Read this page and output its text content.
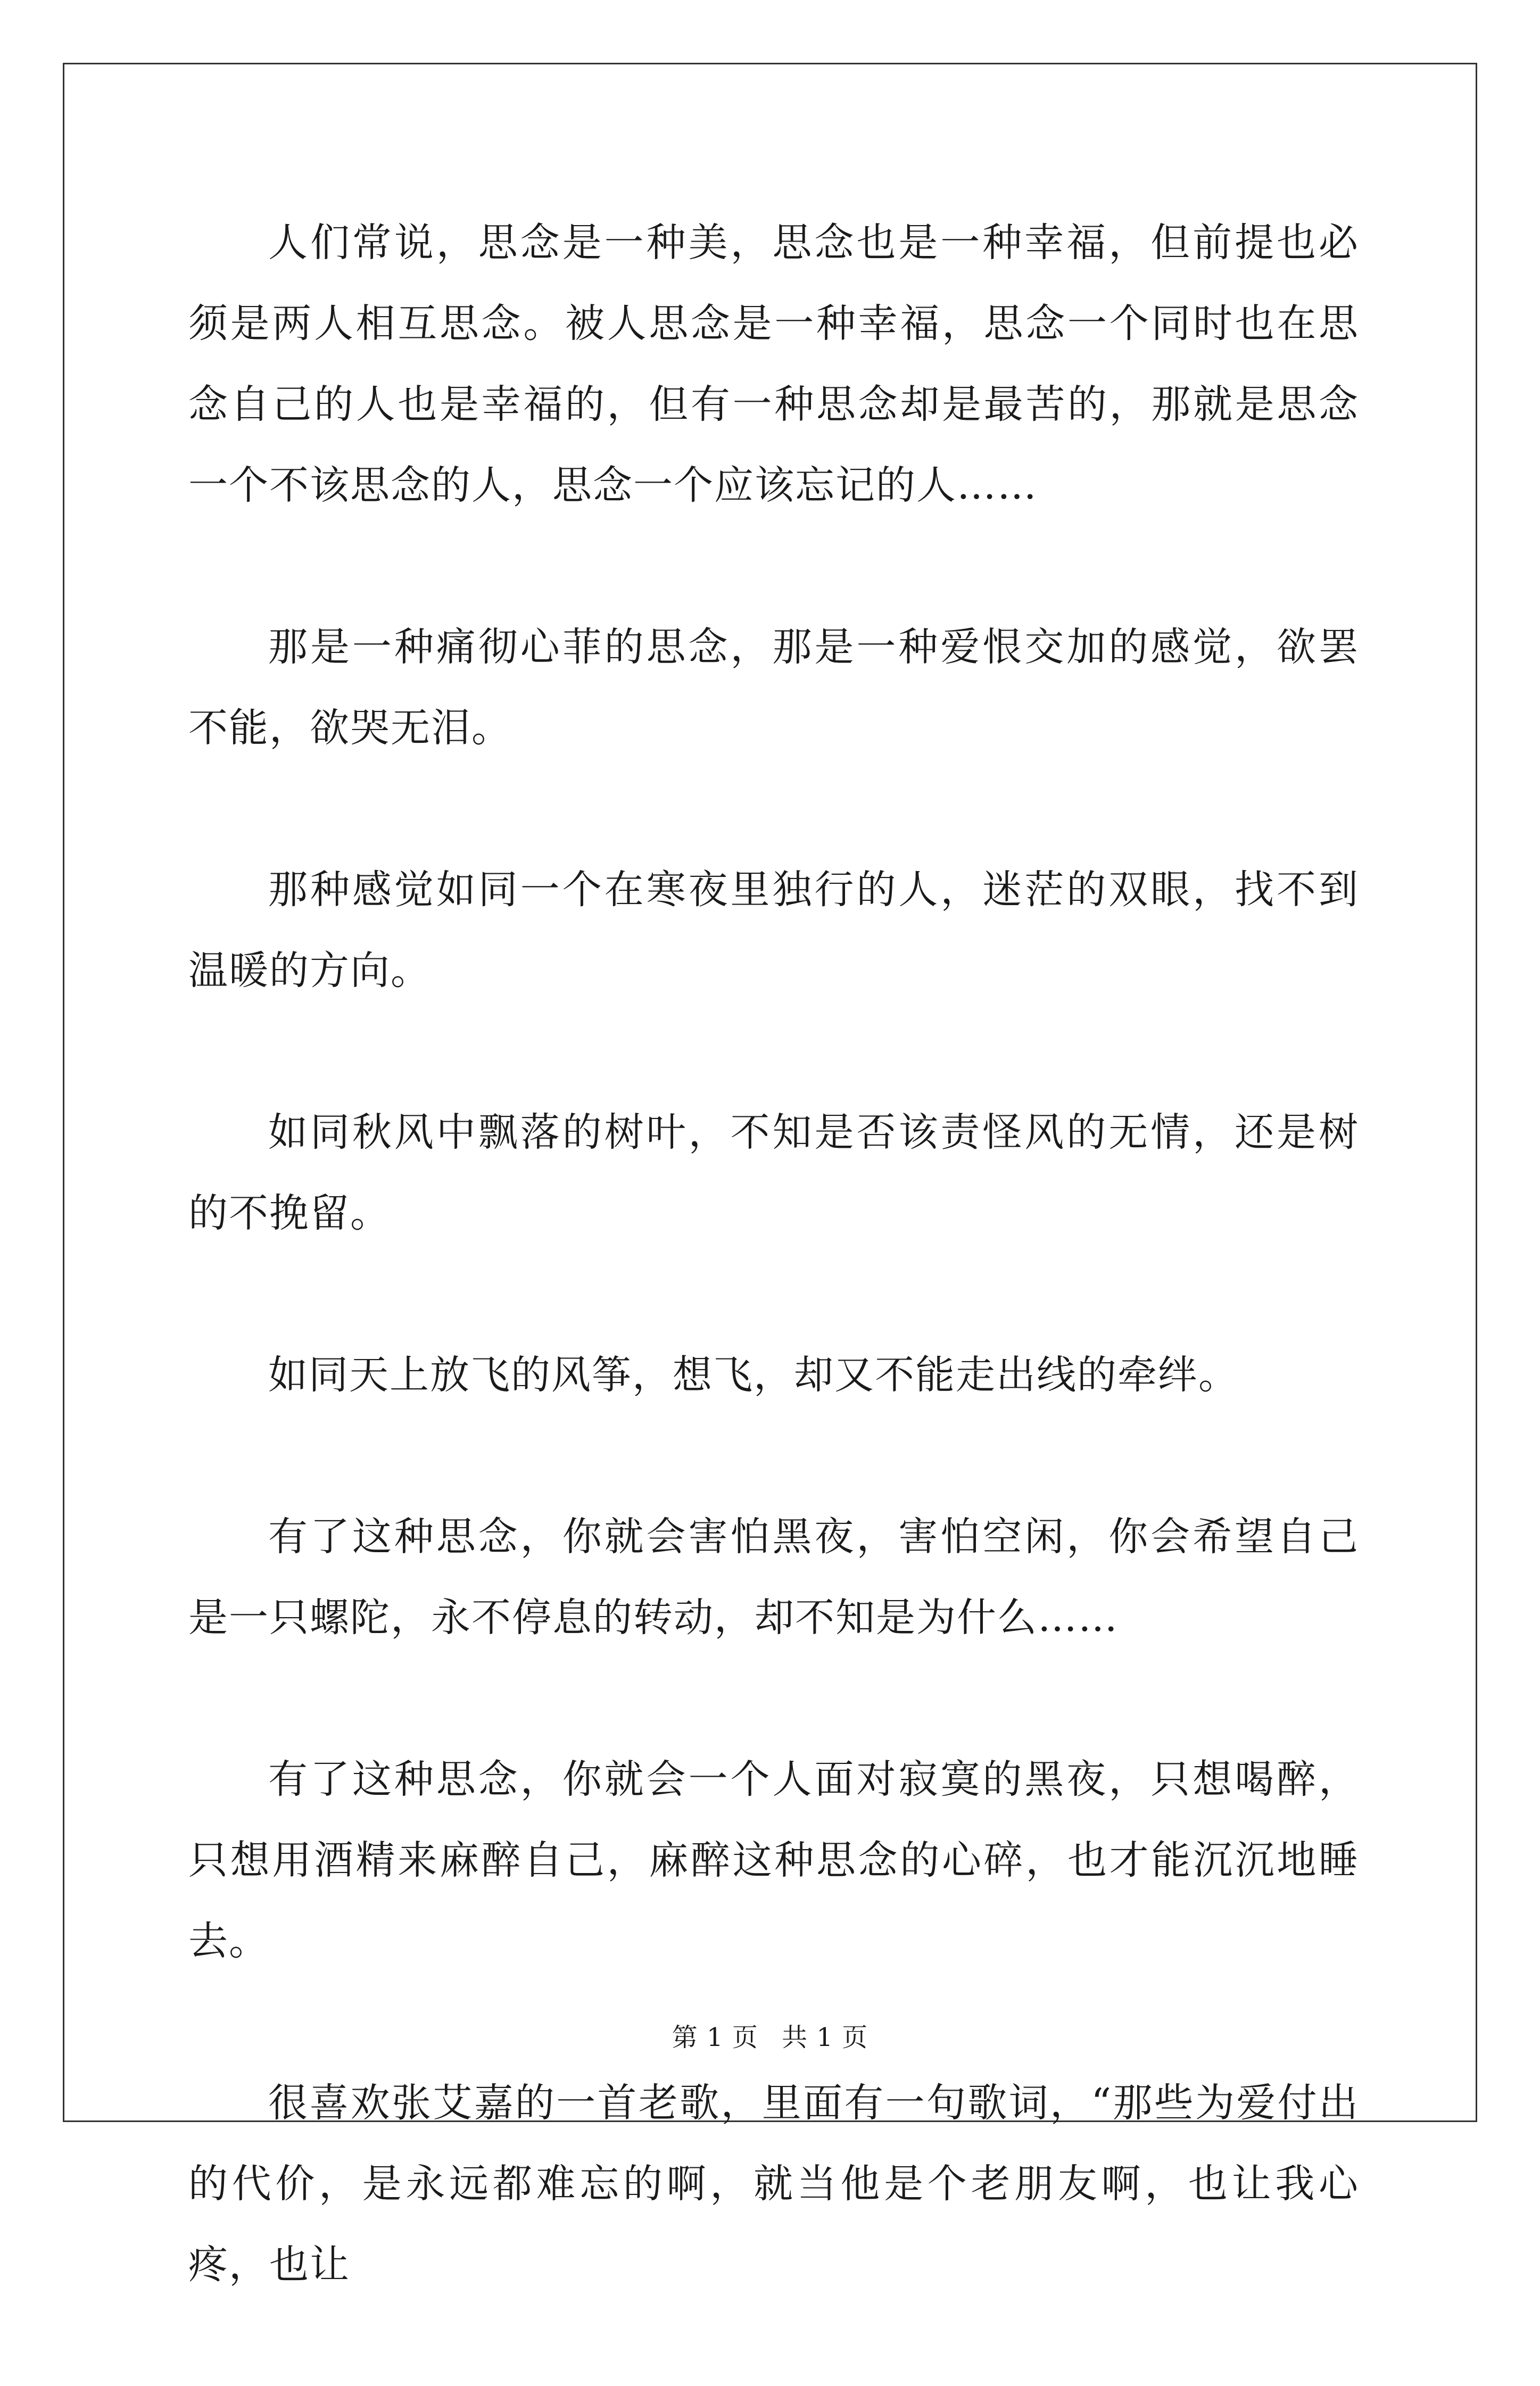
人们常说，思念是一种美，思念也是一种幸福，但前提也必须是两人相互思念。被人思念是一种幸福，思念一个同时也在思念自己的人也是幸福的，但有一种思念却是最苦的，那就是思念一个不该思念的人，思念一个应该忘记的人……

那是一种痛彻心菲的思念，那是一种爱恨交加的感觉，欲罢不能，欲哭无泪。

那种感觉如同一个在寒夜里独行的人，迷茫的双眼，找不到温暖的方向。

如同秋风中飘落的树叶，不知是否该责怪风的无情，还是树的不挽留。

如同天上放飞的风筝，想飞，却又不能走出线的牵绊。

有了这种思念，你就会害怕黑夜，害怕空闲，你会希望自己是一只螺陀，永不停息的转动，却不知是为什么……

有了这种思念，你就会一个人面对寂寞的黑夜，只想喝醉，只想用酒精来麻醉自己，麻醉这种思念的心碎，也才能沉沉地睡去。

很喜欢张艾嘉的一首老歌，里面有一句歌词，“那些为爱付出的代价，是永远都难忘的啊，就当他是个老朋友啊，也让我心疼，也让

第 1 页 共 1 页
